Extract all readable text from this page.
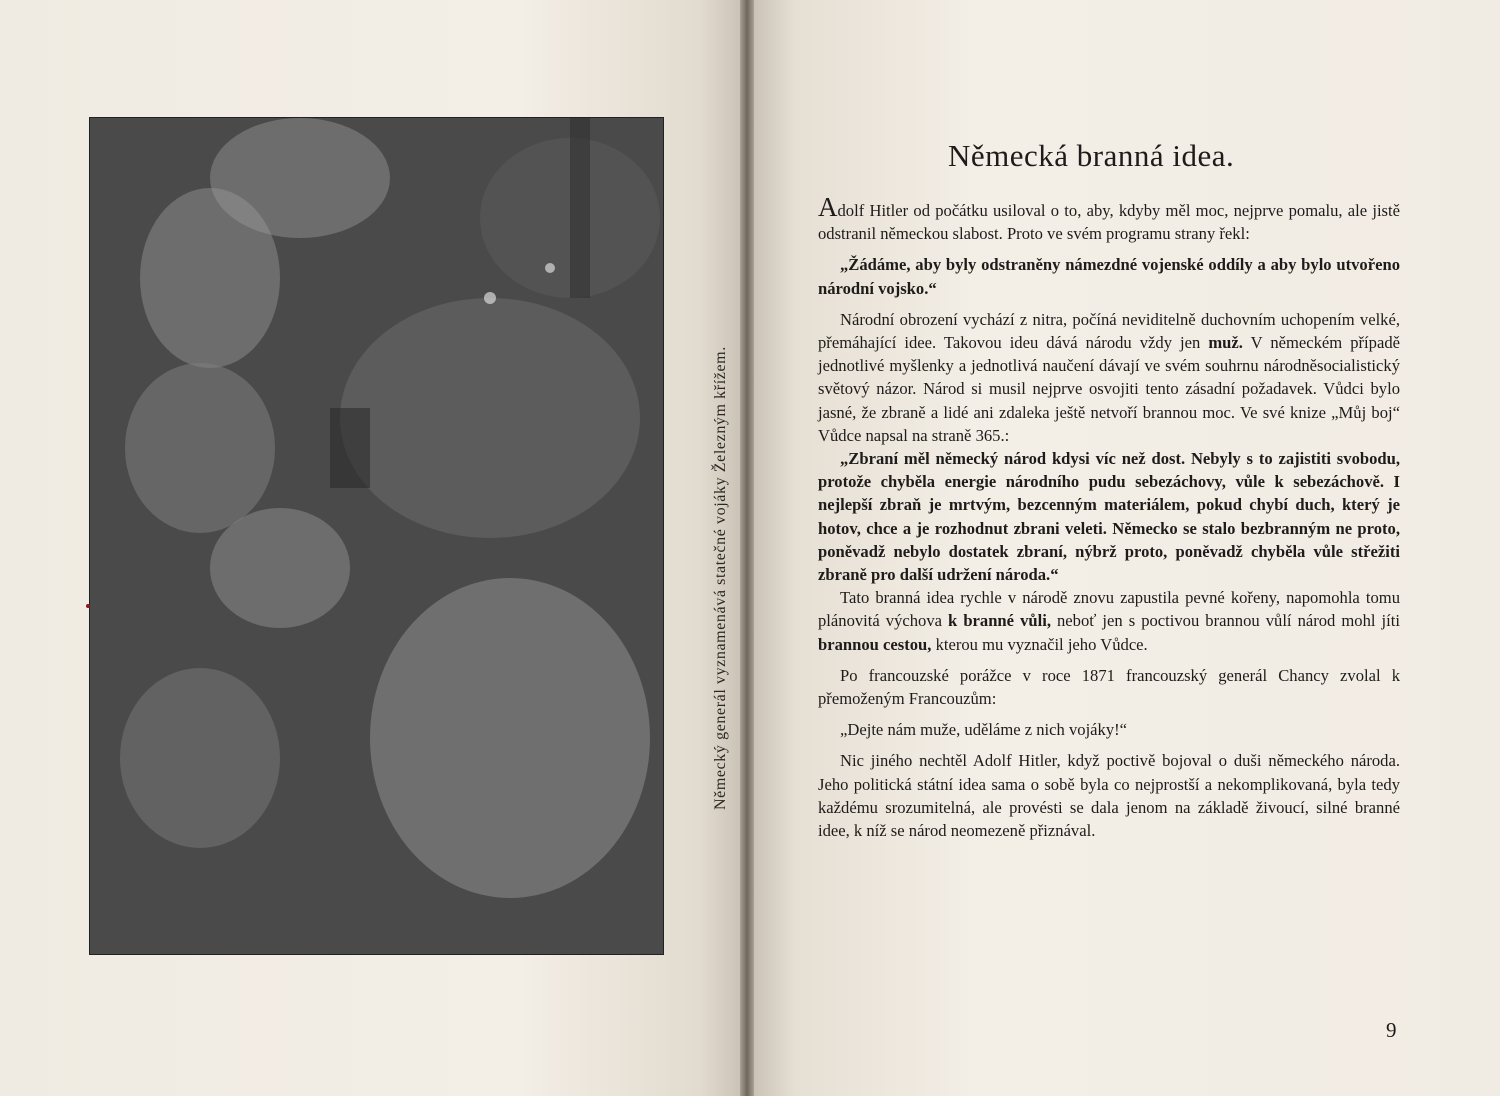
Německý generál vyznamenává statečné vojáky Železným křížem.
Německá branná idea.

Adolf Hitler od počátku usiloval o to, aby, kdyby měl moc, nejprve pomalu, ale jistě odstranil německou slabost. Proto ve svém programu strany řekl:

„Žádáme, aby byly odstraněny námezdné vojenské oddíly a aby bylo utvořeno národní vojsko.“

Národní obrození vychází z nitra, počíná neviditelně duchovním uchopením velké, přemáhající idee. Takovou ideu dává národu vždy jen muž. V německém případě jednotlivé myšlenky a jednotlivá naučení dávají ve svém souhrnu národněsocialistický světový názor. Národ si musil nejprve osvojiti tento zásadní požadavek. Vůdci bylo jasné, že zbraně a lidé ani zdaleka ještě netvoří brannou moc. Ve své knize „Můj boj“ Vůdce napsal na straně 365.:

„Zbraní měl německý národ kdysi víc než dost. Nebyly s to zajistiti svobodu, protože chyběla energie národního pudu sebezáchovy, vůle k sebezáchově. I nejlepší zbraň je mrtvým, bezcenným materiálem, pokud chybí duch, který je hotov, chce a je rozhodnut zbrani veleti. Německo se stalo bezbranným ne proto, poněvadž nebylo dostatek zbraní, nýbrž proto, poněvadž chyběla vůle střežiti zbraně pro další udržení národa.“

Tato branná idea rychle v národě znovu zapustila pevné kořeny, napomohla tomu plánovitá výchova k branné vůli, neboť jen s poctivou brannou vůlí národ mohl jíti brannou cestou, kterou mu vyznačil jeho Vůdce.

Po francouzské porážce v roce 1871 francouzský generál Chancy zvolal k přemoženým Francouzům:

„Dejte nám muže, uděláme z nich vojáky!“

Nic jiného nechtěl Adolf Hitler, když poctivě bojoval o duši německého národa. Jeho politická státní idea sama o sobě byla co nejprostší a nekomplikovaná, byla tedy každému srozumitelná, ale provésti se dala jenom na základě živoucí, silné branné idee, k níž se národ neomezeně přiznával.

9
